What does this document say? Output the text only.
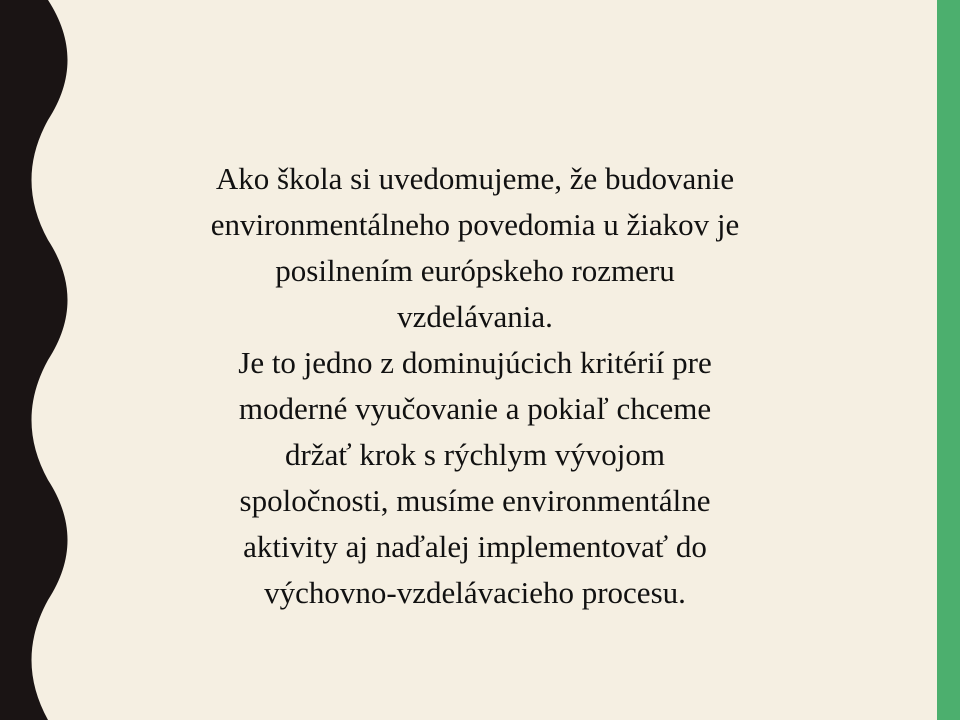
Ako škola si uvedomujeme, že budovanie
environmentálneho povedomia u žiakov je
posilnením európskeho rozmeru
vzdelávania.
Je to jedno z dominujúcich kritérií pre
moderné vyučovanie a pokiaľ chceme
držať krok s rýchlym vývojom
spoločnosti, musíme environmentálne
aktivity aj naďalej implementovať do
výchovno-vzdelávacieho procesu.
